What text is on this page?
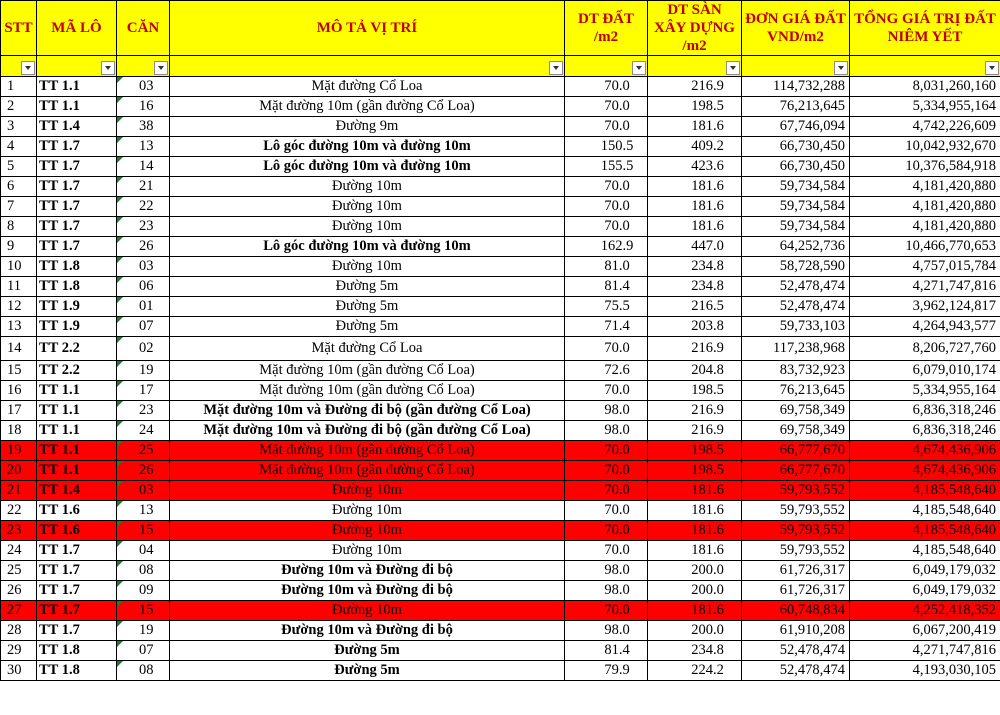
STT	MÃ LÔ	CĂN	MÔ TẢ VỊ TRÍ	DT ĐẤT /m2	DT SÀN XÂY DỰNG /m2	ĐƠN GIÁ ĐẤT VND/m2	TỔNG GIÁ TRỊ ĐẤT NIÊM YẾT

1	TT 1.1	03	Mặt đường Cổ Loa	70.0	216.9	114,732,288	8,031,260,160
2	TT 1.1	16	Mặt đường 10m (gần đường Cổ Loa)	70.0	198.5	76,213,645	5,334,955,164
3	TT 1.4	38	Đường 9m	70.0	181.6	67,746,094	4,742,226,609
4	TT 1.7	13	Lô góc đường 10m và đường 10m	150.5	409.2	66,730,450	10,042,932,670
5	TT 1.7	14	Lô góc đường 10m và đường 10m	155.5	423.6	66,730,450	10,376,584,918
6	TT 1.7	21	Đường 10m	70.0	181.6	59,734,584	4,181,420,880
7	TT 1.7	22	Đường 10m	70.0	181.6	59,734,584	4,181,420,880
8	TT 1.7	23	Đường 10m	70.0	181.6	59,734,584	4,181,420,880
9	TT 1.7	26	Lô góc đường 10m và đường 10m	162.9	447.0	64,252,736	10,466,770,653
10	TT 1.8	03	Đường 10m	81.0	234.8	58,728,590	4,757,015,784
11	TT 1.8	06	Đường 5m	81.4	234.8	52,478,474	4,271,747,816
12	TT 1.9	01	Đường 5m	75.5	216.5	52,478,474	3,962,124,817
13	TT 1.9	07	Đường 5m	71.4	203.8	59,733,103	4,264,943,577
14	TT 2.2	02	Mặt đường Cổ Loa	70.0	216.9	117,238,968	8,206,727,760
15	TT 2.2	19	Mặt đường 10m (gần đường Cổ Loa)	72.6	204.8	83,732,923	6,079,010,174
16	TT 1.1	17	Mặt đường 10m (gần đường Cổ Loa)	70.0	198.5	76,213,645	5,334,955,164
17	TT 1.1	23	Mặt đường 10m và Đường đi bộ (gần đường Cổ Loa)	98.0	216.9	69,758,349	6,836,318,246
18	TT 1.1	24	Mặt đường 10m và Đường đi bộ (gần đường Cổ Loa)	98.0	216.9	69,758,349	6,836,318,246
19	TT 1.1	25	Mặt đường 10m (gần đường Cổ Loa)	70.0	198.5	66,777,670	4,674,436,906
20	TT 1.1	26	Mặt đường 10m (gần đường Cổ Loa)	70.0	198.5	66,777,670	4,674,436,906
21	TT 1.4	03	Đường 10m	70.0	181.6	59,793,552	4,185,548,640
22	TT 1.6	13	Đường 10m	70.0	181.6	59,793,552	4,185,548,640
23	TT 1.6	15	Đường 10m	70.0	181.6	59,793,552	4,185,548,640
24	TT 1.7	04	Đường 10m	70.0	181.6	59,793,552	4,185,548,640
25	TT 1.7	08	Đường 10m và Đường đi bộ	98.0	200.0	61,726,317	6,049,179,032
26	TT 1.7	09	Đường 10m và Đường đi bộ	98.0	200.0	61,726,317	6,049,179,032
27	TT 1.7	15	Đường 10m	70.0	181.6	60,748,834	4,252,418,352
28	TT 1.7	19	Đường 10m và Đường đi bộ	98.0	200.0	61,910,208	6,067,200,419
29	TT 1.8	07	Đường 5m	81.4	234.8	52,478,474	4,271,747,816
30	TT 1.8	08	Đường 5m	79.9	224.2	52,478,474	4,193,030,105
